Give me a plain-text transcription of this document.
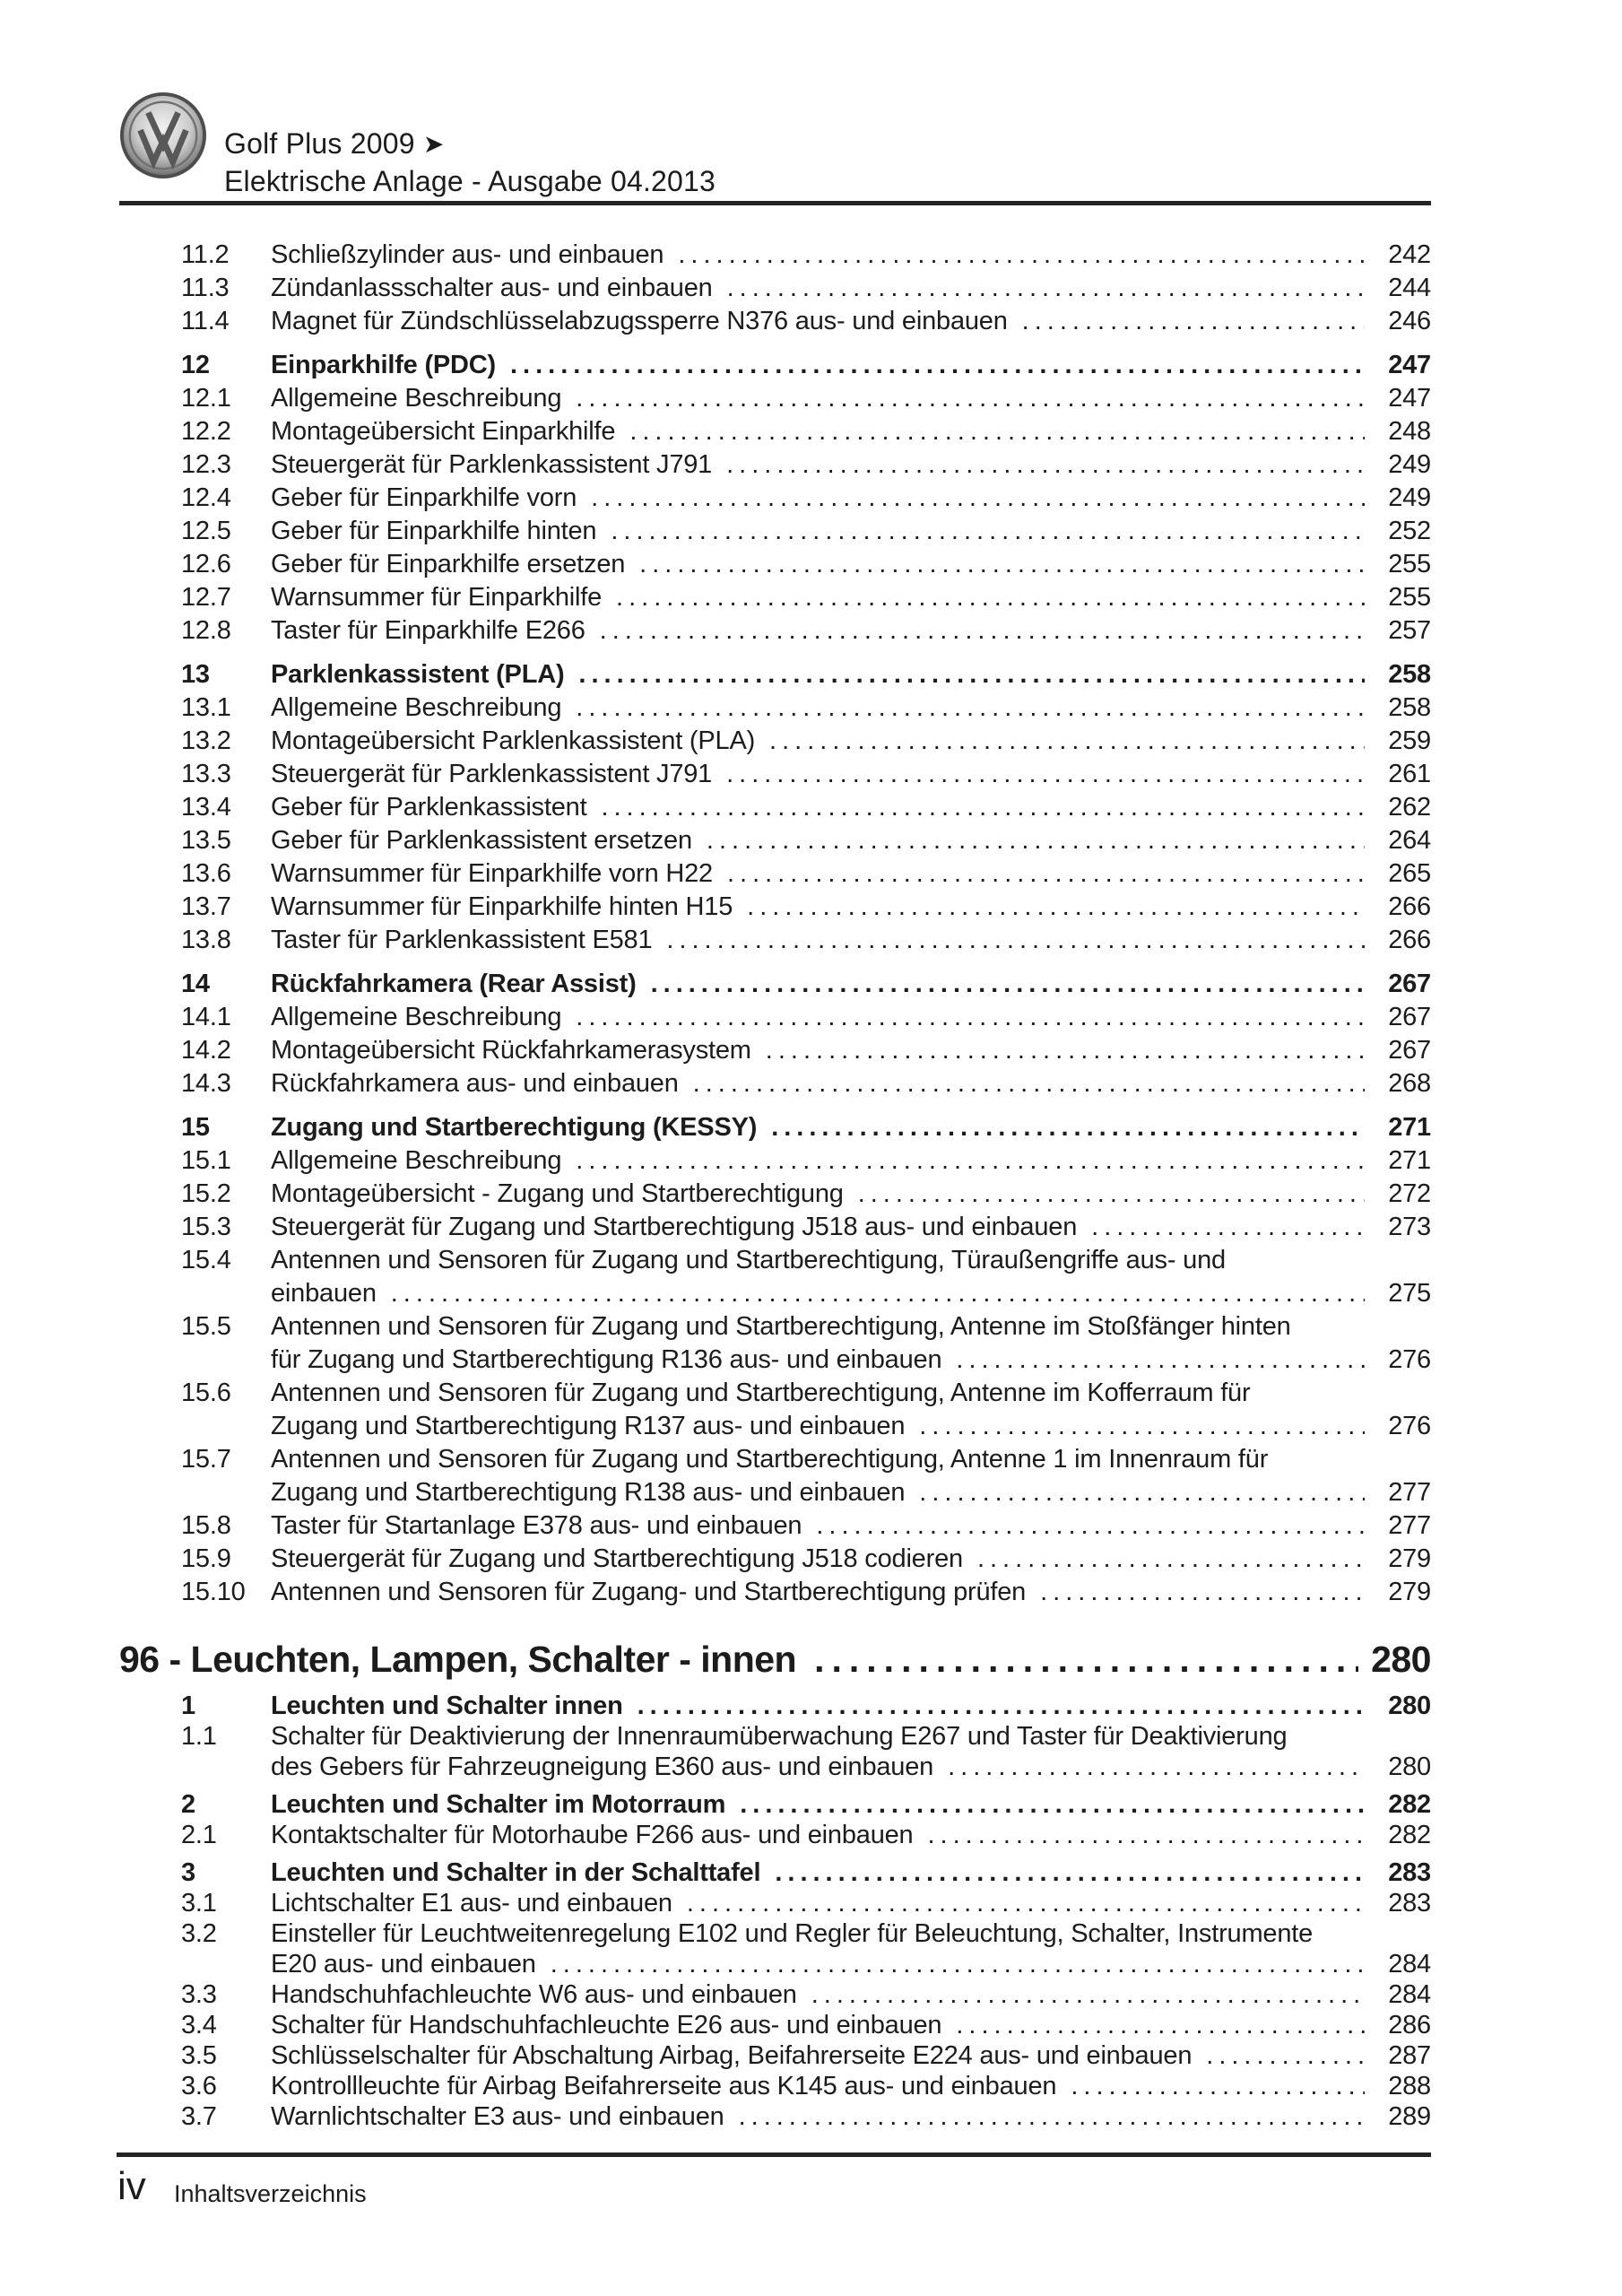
Golf Plus 2009 ➤
Elektrische Anlage - Ausgabe 04.2013
11.2	Schließzylinder aus- und einbauen .....	242
11.3	Zündanlassschalter aus- und einbauen .....	244
11.4	Magnet für Zündschlüsselabzugssperre N376 aus- und einbauen .....	246
12	Einparkhilfe (PDC) .....	247
12.1	Allgemeine Beschreibung .....	247
12.2	Montageübersicht Einparkhilfe .....	248
12.3	Steuergerät für Parklenkassistent J791 .....	249
12.4	Geber für Einparkhilfe vorn .....	249
12.5	Geber für Einparkhilfe hinten .....	252
12.6	Geber für Einparkhilfe ersetzen .....	255
12.7	Warnsummer für Einparkhilfe .....	255
12.8	Taster für Einparkhilfe E266 .....	257
13	Parklenkassistent (PLA) .....	258
13.1	Allgemeine Beschreibung .....	258
13.2	Montageübersicht Parklenkassistent (PLA) .....	259
13.3	Steuergerät für Parklenkassistent J791 .....	261
13.4	Geber für Parklenkassistent .....	262
13.5	Geber für Parklenkassistent ersetzen .....	264
13.6	Warnsummer für Einparkhilfe vorn H22 .....	265
13.7	Warnsummer für Einparkhilfe hinten H15 .....	266
13.8	Taster für Parklenkassistent E581 .....	266
14	Rückfahrkamera (Rear Assist) .....	267
14.1	Allgemeine Beschreibung .....	267
14.2	Montageübersicht Rückfahrkamerasystem .....	267
14.3	Rückfahrkamera aus- und einbauen .....	268
15	Zugang und Startberechtigung (KESSY) .....	271
15.1	Allgemeine Beschreibung .....	271
15.2	Montageübersicht - Zugang und Startberechtigung .....	272
15.3	Steuergerät für Zugang und Startberechtigung J518 aus- und einbauen .....	273
15.4	Antennen und Sensoren für Zugang und Startberechtigung, Türaußengriffe aus- und
einbauen .....	275
15.5	Antennen und Sensoren für Zugang und Startberechtigung, Antenne im Stoßfänger hinten
für Zugang und Startberechtigung R136 aus- und einbauen .....	276
15.6	Antennen und Sensoren für Zugang und Startberechtigung, Antenne im Kofferraum für
Zugang und Startberechtigung R137 aus- und einbauen .....	276
15.7	Antennen und Sensoren für Zugang und Startberechtigung, Antenne 1 im Innenraum für
Zugang und Startberechtigung R138 aus- und einbauen .....	277
15.8	Taster für Startanlage E378 aus- und einbauen .....	277
15.9	Steuergerät für Zugang und Startberechtigung J518 codieren .....	279
15.10 Antennen und Sensoren für Zugang- und Startberechtigung prüfen .....	279
96 - Leuchten, Lampen, Schalter - innen .....	280
1	Leuchten und Schalter innen .....	280
1.1	Schalter für Deaktivierung der Innenraumüberwachung E267 und Taster für Deaktivierung
des Gebers für Fahrzeugneigung E360 aus- und einbauen .....	280
2	Leuchten und Schalter im Motorraum .....	282
2.1	Kontaktschalter für Motorhaube F266 aus- und einbauen .....	282
3	Leuchten und Schalter in der Schalttafel .....	283
3.1	Lichtschalter E1 aus- und einbauen .....	283
3.2	Einsteller für Leuchtweitenregelung E102 und Regler für Beleuchtung, Schalter, Instrumente
E20 aus- und einbauen .....	284
3.3	Handschuhfachleuchte W6 aus- und einbauen .....	284
3.4	Schalter für Handschuhfachleuchte E26 aus- und einbauen .....	286
3.5	Schlüsselschalter für Abschaltung Airbag, Beifahrerseite E224 aus- und einbauen .....	287
3.6	Kontrollleuchte für Airbag Beifahrerseite aus K145 aus- und einbauen .....	288
3.7	Warnlichtschalter E3 aus- und einbauen .....	289
iv Inhaltsverzeichnis
